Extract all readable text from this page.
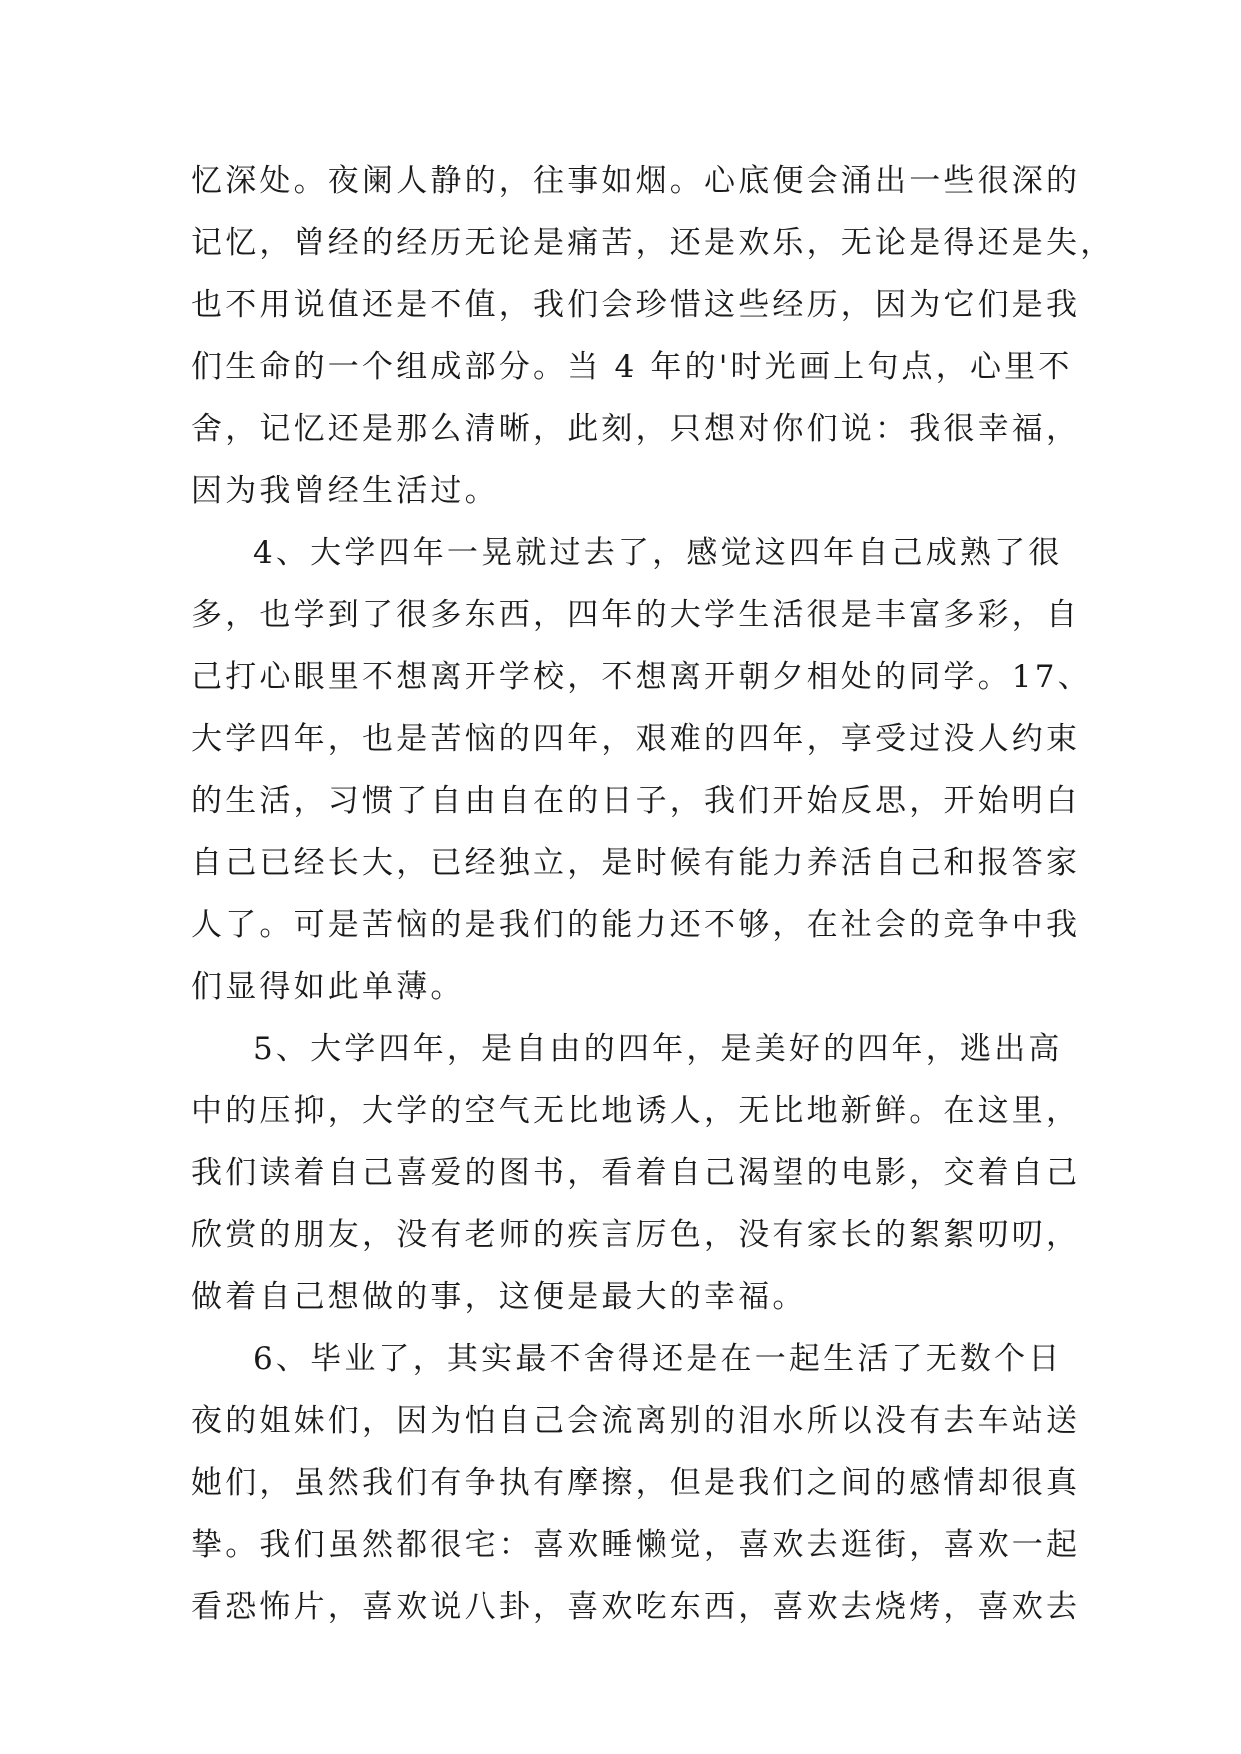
忆深处。夜阑人静的，往事如烟。心底便会涌出一些很深的
记忆，曾经的经历无论是痛苦，还是欢乐，无论是得还是失，
也不用说值还是不值，我们会珍惜这些经历，因为它们是我
们生命的一个组成部分。当 4 年的'时光画上句点，心里不
舍，记忆还是那么清晰，此刻，只想对你们说：我很幸福，
因为我曾经生活过。
4、大学四年一晃就过去了，感觉这四年自己成熟了很
多，也学到了很多东西，四年的大学生活很是丰富多彩，自
己打心眼里不想离开学校，不想离开朝夕相处的同学。17、
大学四年，也是苦恼的四年，艰难的四年，享受过没人约束
的生活，习惯了自由自在的日子，我们开始反思，开始明白
自己已经长大，已经独立，是时候有能力养活自己和报答家
人了。可是苦恼的是我们的能力还不够，在社会的竞争中我
们显得如此单薄。
5、大学四年，是自由的四年，是美好的四年，逃出高
中的压抑，大学的空气无比地诱人，无比地新鲜。在这里，
我们读着自己喜爱的图书，看着自己渴望的电影，交着自己
欣赏的朋友，没有老师的疾言厉色，没有家长的絮絮叨叨，
做着自己想做的事，这便是最大的幸福。
6、毕业了，其实最不舍得还是在一起生活了无数个日
夜的姐妹们，因为怕自己会流离别的泪水所以没有去车站送
她们，虽然我们有争执有摩擦，但是我们之间的感情却很真
挚。我们虽然都很宅：喜欢睡懒觉，喜欢去逛街，喜欢一起
看恐怖片，喜欢说八卦，喜欢吃东西，喜欢去烧烤，喜欢去
